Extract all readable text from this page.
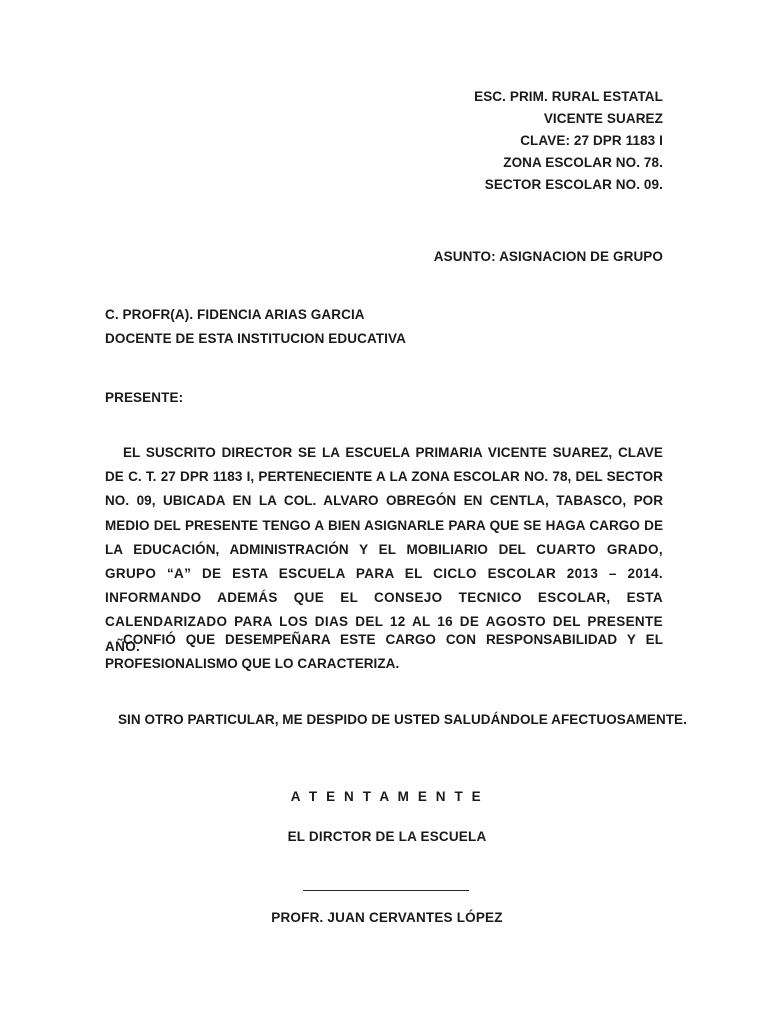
ESC. PRIM. RURAL ESTATAL
VICENTE SUAREZ
CLAVE: 27 DPR 1183 I
ZONA ESCOLAR NO. 78.
SECTOR ESCOLAR NO. 09.
ASUNTO: ASIGNACION DE GRUPO
C. PROFR(A). FIDENCIA ARIAS GARCIA
DOCENTE DE ESTA INSTITUCION EDUCATIVA
PRESENTE:

EL SUSCRITO DIRECTOR SE LA ESCUELA PRIMARIA VICENTE SUAREZ, CLAVE DE C. T. 27 DPR 1183 I, PERTENECIENTE A LA ZONA ESCOLAR NO. 78, DEL SECTOR NO. 09, UBICADA EN LA COL. ALVARO OBREGÓN EN CENTLA, TABASCO, POR MEDIO DEL PRESENTE TENGO A BIEN ASIGNARLE PARA QUE SE HAGA CARGO DE LA EDUCACIÓN, ADMINISTRACIÓN Y EL MOBILIARIO DEL CUARTO GRADO, GRUPO “A” DE ESTA ESCUELA PARA EL CICLO ESCOLAR 2013 – 2014. INFORMANDO ADEMÁS QUE EL CONSEJO TECNICO ESCOLAR, ESTA CALENDARIZADO PARA LOS DIAS DEL 12 AL 16 DE AGOSTO DEL PRESENTE AÑO.

CONFIÓ QUE DESEMPEÑARA ESTE CARGO CON RESPONSABILIDAD Y EL PROFESIONALISMO QUE LO CARACTERIZA.

SIN OTRO PARTICULAR, ME DESPIDO DE USTED SALUDÁNDOLE AFECTUOSAMENTE.

A T E N T A M E N T E
EL DIRCTOR DE LA ESCUELA
PROFR. JUAN CERVANTES LÓPEZ
